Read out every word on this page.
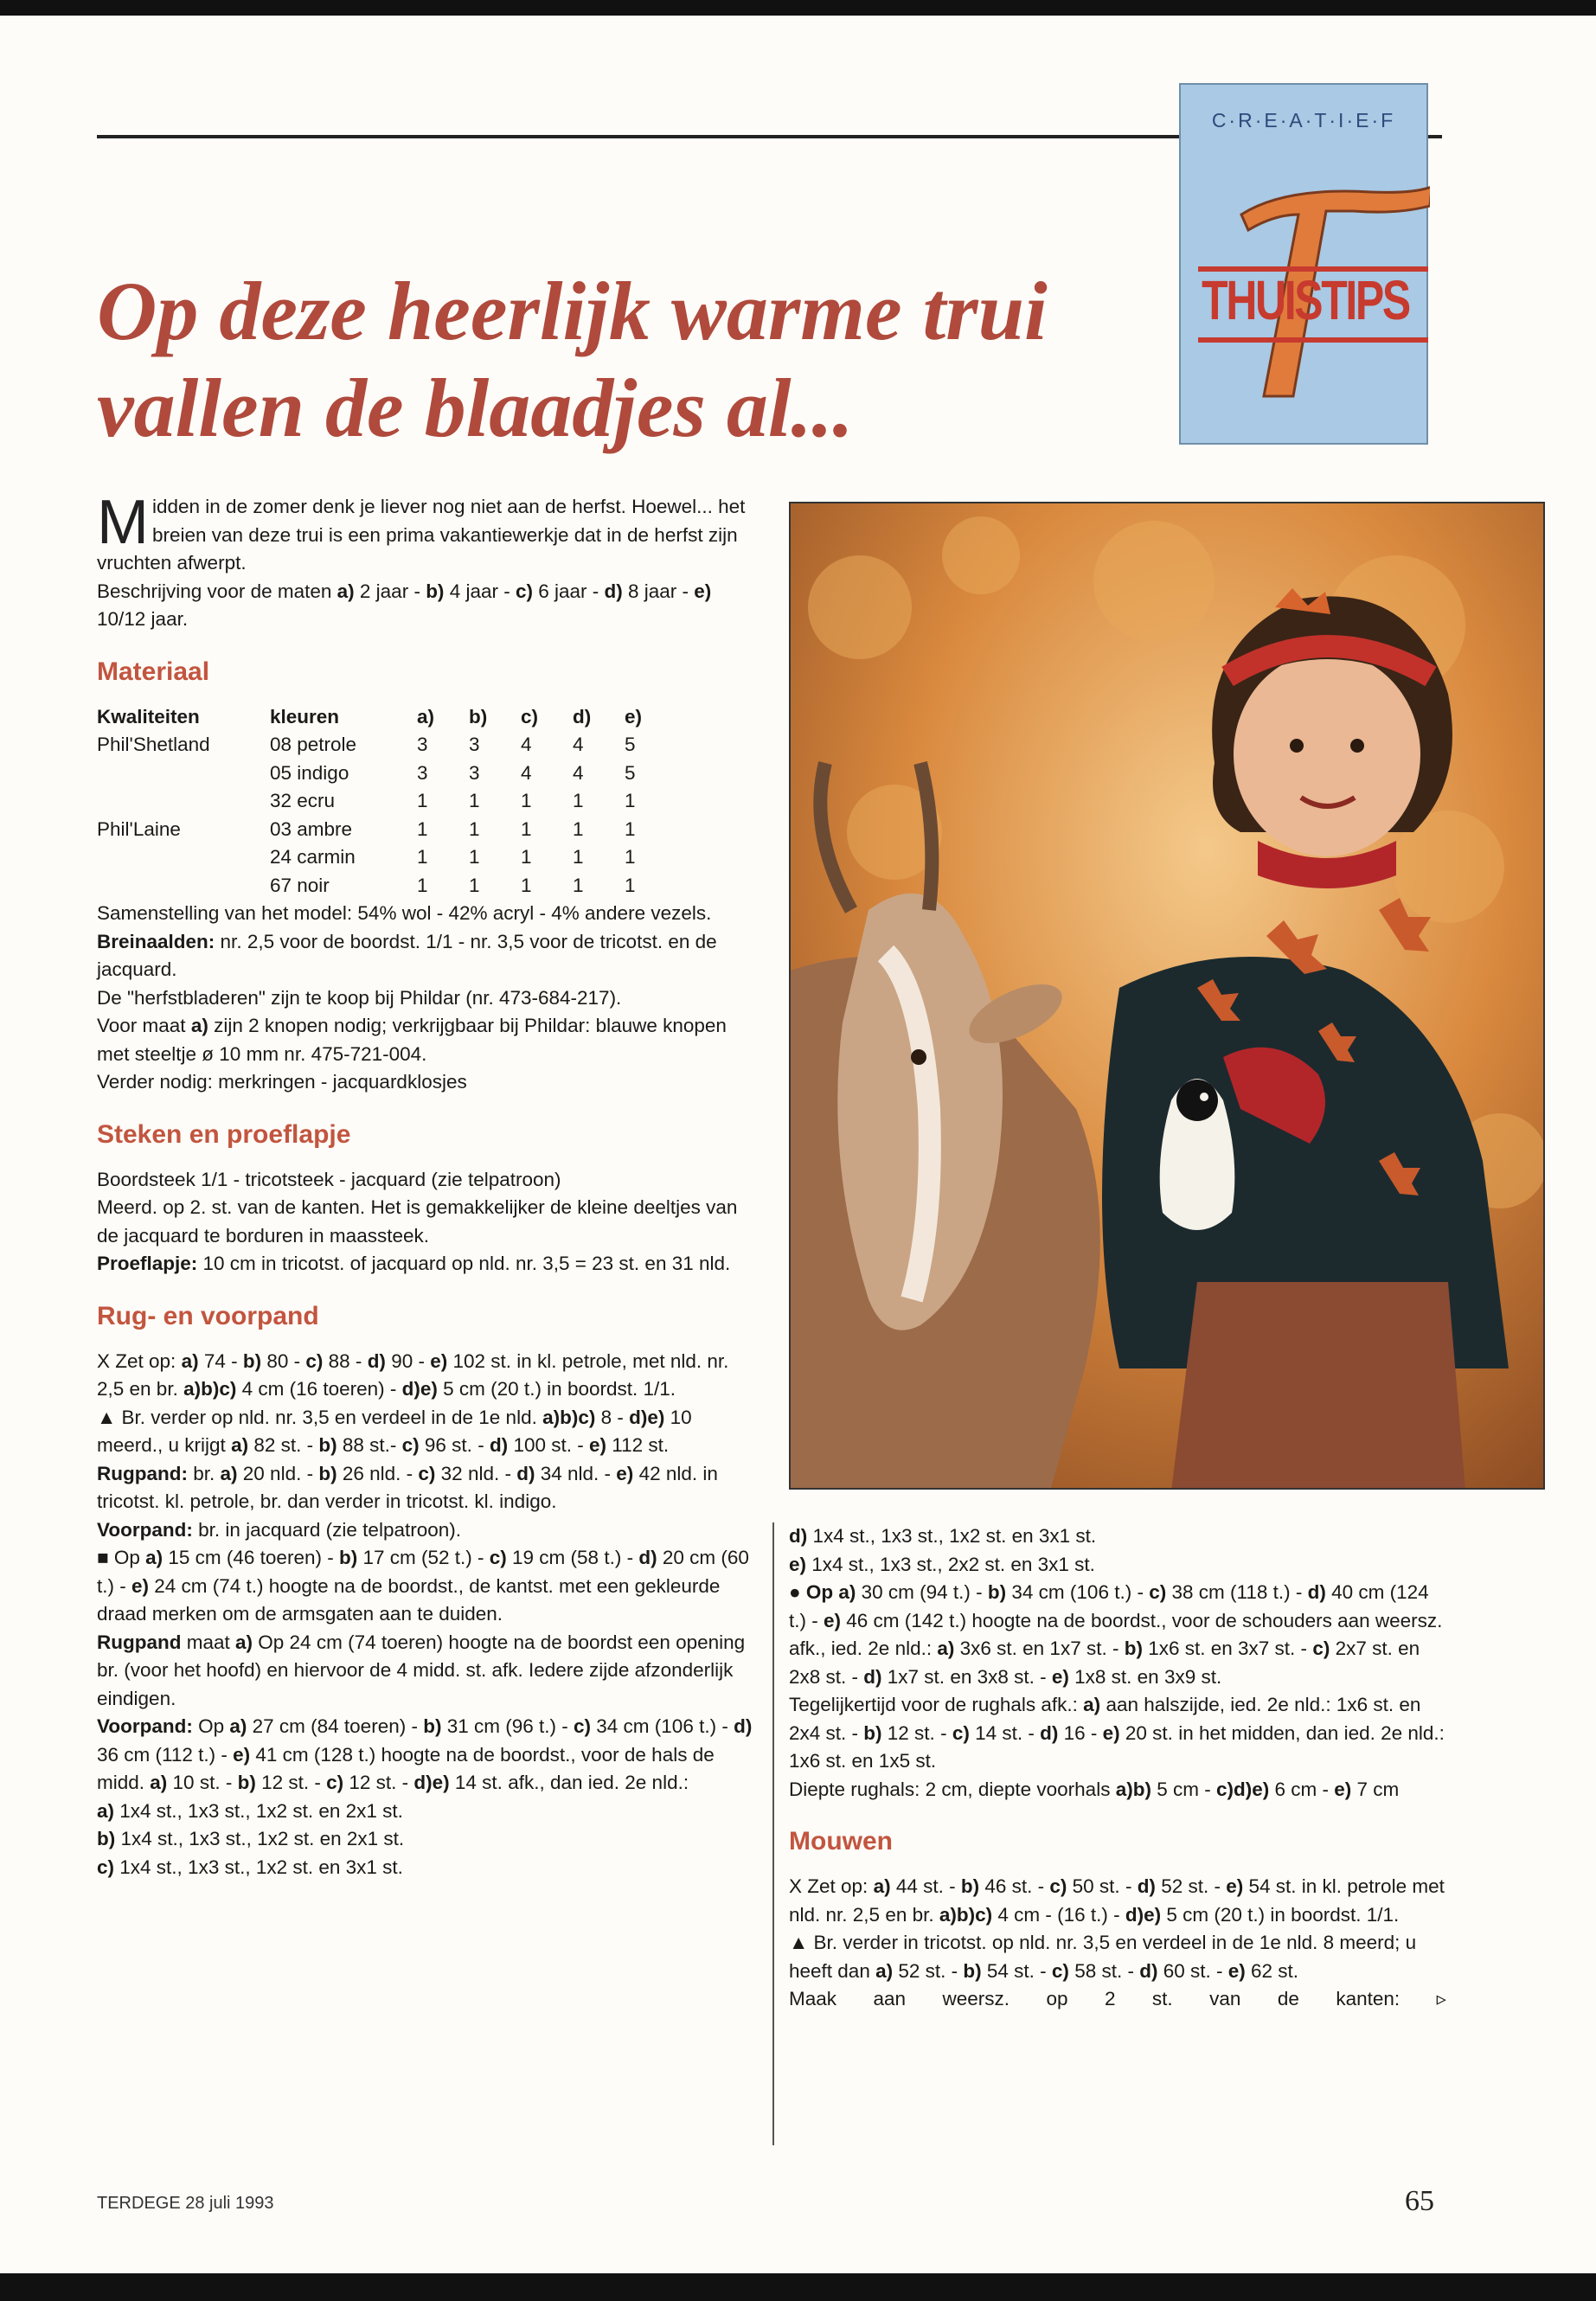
C·R·E·A·T·I·E·F
THUISTIPS
Op deze heerlijk warme trui
vallen de blaadjes al...

M idden in de zomer denk je liever nog niet aan de herfst. Hoewel... het breien van deze trui is een prima vakantiewerkje dat in de herfst zijn vruchten afwerpt.

Beschrijving voor de maten a) 2 jaar - b) 4 jaar - c) 6 jaar - d) 8 jaar - e) 10/12 jaar.

Materiaal
Kwaliteiten	kleuren	a)	b)	c)	d)	e)
Phil'Shetland	08 petrole	3	3	4	4	5
	05 indigo	3	3	4	4	5
	32 ecru	1	1	1	1	1
Phil'Laine	03 ambre	1	1	1	1	1
	24 carmin	1	1	1	1	1
	67 noir	1	1	1	1	1

Samenstelling van het model: 54% wol - 42% acryl - 4% andere vezels.

Breinaalden: nr. 2,5 voor de boordst. 1/1 - nr. 3,5 voor de tricotst. en de jacquard.

De "herfstbladeren" zijn te koop bij Phildar (nr. 473-684-217).

Voor maat a) zijn 2 knopen nodig; verkrijgbaar bij Phildar: blauwe knopen met steeltje ø 10 mm nr. 475-721-004.

Verder nodig: merkringen - jacquardklosjes

Steken en proeflapje

Boordsteek 1/1 - tricotsteek - jacquard (zie telpatroon)

Meerd. op 2. st. van de kanten. Het is gemakkelijker de kleine deeltjes van de jacquard te borduren in maassteek.

Proeflapje: 10 cm in tricotst. of jacquard op nld. nr. 3,5 = 23 st. en 31 nld.

Rug- en voorpand

X Zet op: a) 74 - b) 80 - c) 88 - d) 90 - e) 102 st. in kl. petrole, met nld. nr. 2,5 en br. a)b)c) 4 cm (16 toeren) - d)e) 5 cm (20 t.) in boordst. 1/1.

▲ Br. verder op nld. nr. 3,5 en verdeel in de 1e nld. a)b)c) 8 - d)e) 10 meerd., u krijgt a) 82 st. - b) 88 st.- c) 96 st. - d) 100 st. - e) 112 st.

Rugpand: br. a) 20 nld. - b) 26 nld. - c) 32 nld. - d) 34 nld. - e) 42 nld. in tricotst. kl. petrole, br. dan verder in tricotst. kl. indigo.

Voorpand: br. in jacquard (zie telpatroon).

■ Op a) 15 cm (46 toeren) - b) 17 cm (52 t.) - c) 19 cm (58 t.) - d) 20 cm (60 t.) - e) 24 cm (74 t.) hoogte na de boordst., de kantst. met een gekleurde draad merken om de armsgaten aan te duiden.

Rugpand maat a) Op 24 cm (74 toeren) hoogte na de boordst een opening br. (voor het hoofd) en hiervoor de 4 midd. st. afk. Iedere zijde afzonderlijk eindigen.

Voorpand: Op a) 27 cm (84 toeren) - b) 31 cm (96 t.) - c) 34 cm (106 t.) - d) 36 cm (112 t.) - e) 41 cm (128 t.) hoogte na de boordst., voor de hals de midd. a) 10 st. - b) 12 st. - c) 12 st. - d)e) 14 st. afk., dan ied. 2e nld.:

a) 1x4 st., 1x3 st., 1x2 st. en 2x1 st.

b) 1x4 st., 1x3 st., 1x2 st. en 2x1 st.

c) 1x4 st., 1x3 st., 1x2 st. en 3x1 st.

d) 1x4 st., 1x3 st., 1x2 st. en 3x1 st.

e) 1x4 st., 1x3 st., 2x2 st. en 3x1 st.

● Op a) 30 cm (94 t.) - b) 34 cm (106 t.) - c) 38 cm (118 t.) - d) 40 cm (124 t.) - e) 46 cm (142 t.) hoogte na de boordst., voor de schouders aan weersz. afk., ied. 2e nld.: a) 3x6 st. en 1x7 st. - b) 1x6 st. en 3x7 st. - c) 2x7 st. en 2x8 st. - d) 1x7 st. en 3x8 st. - e) 1x8 st. en 3x9 st.

Tegelijkertijd voor de rughals afk.: a) aan halszijde, ied. 2e nld.: 1x6 st. en 2x4 st. - b) 12 st. - c) 14 st. - d) 16 - e) 20 st. in het midden, dan ied. 2e nld.: 1x6 st. en 1x5 st.

Diepte rughals: 2 cm, diepte voorhals a)b) 5 cm - c)d)e) 6 cm - e) 7 cm

Mouwen

X Zet op: a) 44 st. - b) 46 st. - c) 50 st. - d) 52 st. - e) 54 st. in kl. petrole met nld. nr. 2,5 en br. a)b)c) 4 cm - (16 t.) - d)e) 5 cm (20 t.) in boordst. 1/1.

▲ Br. verder in tricotst. op nld. nr. 3,5 en verdeel in de 1e nld. 8 meerd; u heeft dan a) 52 st. - b) 54 st. - c) 58 st. - d) 60 st. - e) 62 st.

Maak aan weersz. op 2 st. van de kanten: ▹

TERDEGE 28 juli 1993	65
